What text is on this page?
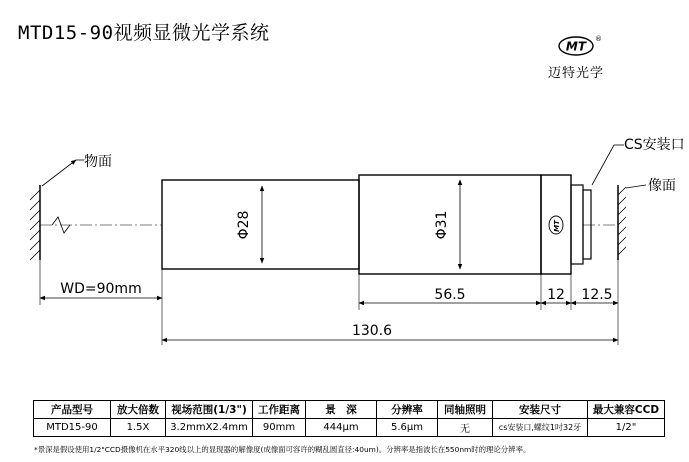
MTD15-90视频显微光学系统
MT
®
迈特光学
物面
Φ28	Φ31	MT
CS安装口
像面
WD=90mm	56.5	12 12.5
130.6
产品型号	放大倍数	视场范围(1/3")	工作距离	景　深	分辨率	同轴照明	安装尺寸	最大兼容CCD
MTD15-90	1.5X	3.2mmX2.4mm	90mm	444μm	5.6μm	无	cs安装口,螺纹1吋32牙	1/2"
*景深是假设使用1/2"CCD摄像机在水平320线以上的显现器的解像度(成像面可容许的糊乱圆直径:40um)。分辨率是指波长在550nm时的理论分辨率。
